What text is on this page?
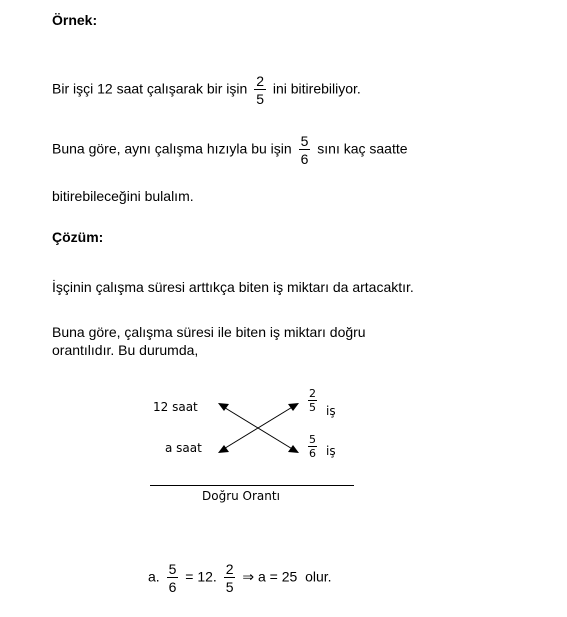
Örnek:
Bir işçi 12 saat çalışarak bir işin $\frac{2}{5}$ ini bitirebiliyor.
Buna göre, aynı çalışma hızıyla bu işin $\frac{5}{6}$ sını kaç saatte
bitirebileceğini bulalım.
Çözüm:
İşçinin çalışma süresi arttıkça biten iş miktarı da artacaktır.
Buna göre, çalışma süresi ile biten iş miktarı doğru
orantılıdır. Bu durumda,
12 saat
a saat
$\frac{2}{5}$ iş
$\frac{5}{6}$ iş
Doğru Orantı
a. $\frac{5}{6} = 12$. $\frac{2}{5}$ ⇒ a = 25  olur.
